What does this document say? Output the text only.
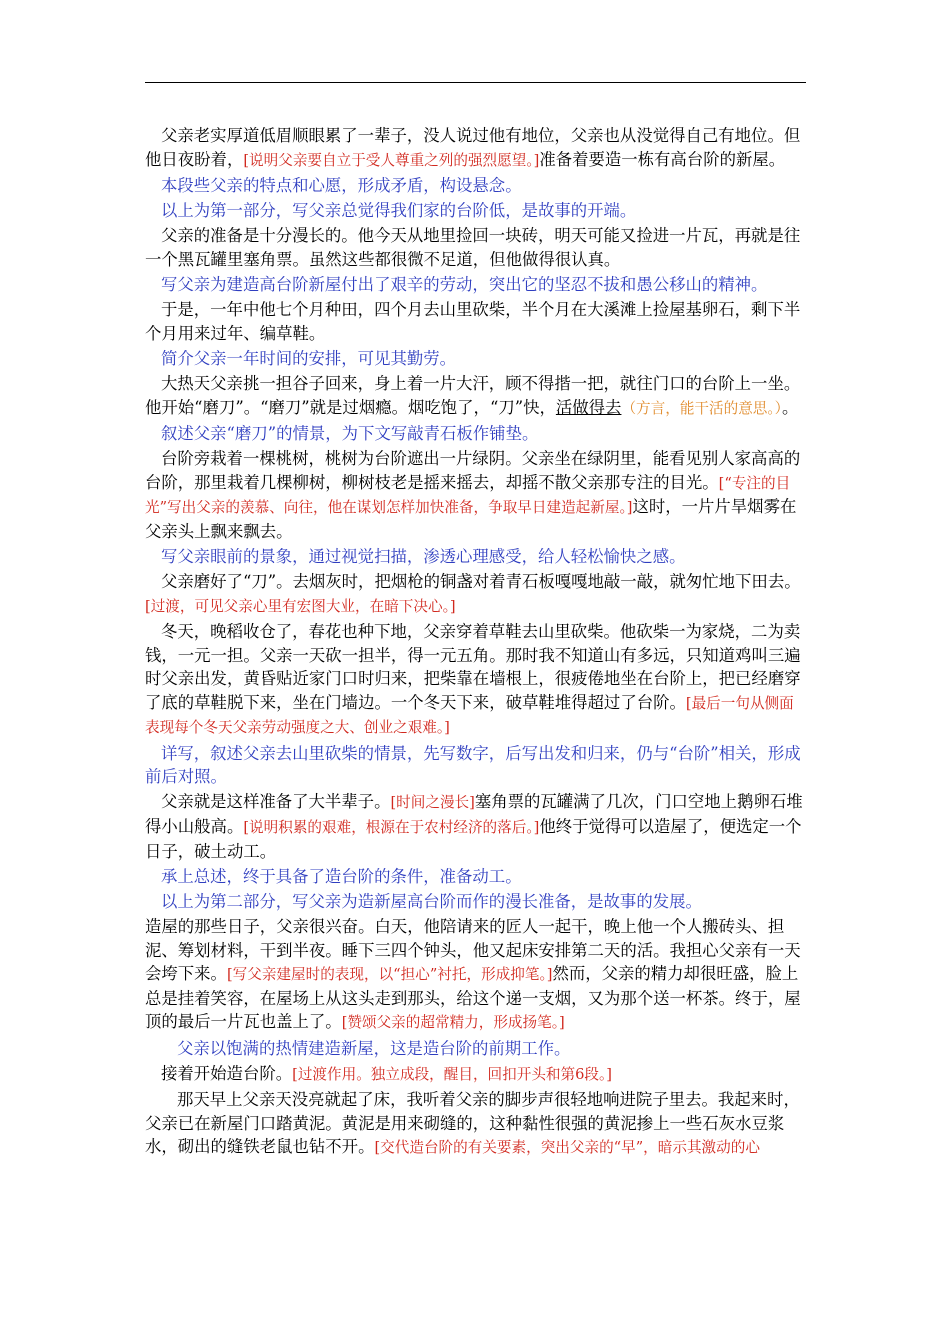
父亲老实厚道低眉顺眼累了一辈子，没人说过他有地位，父亲也从没觉得自己有地位。但他日夜盼着，[说明父亲要自立于受人尊重之列的强烈愿望。]准备着要造一栋有高台阶的新屋。

本段些父亲的特点和心愿，形成矛盾，构设悬念。

以上为第一部分，写父亲总觉得我们家的台阶低，是故事的开端。

父亲的准备是十分漫长的。他今天从地里捡回一块砖，明天可能又捡进一片瓦，再就是往一个黑瓦罐里塞角票。虽然这些都很微不足道，但他做得很认真。

写父亲为建造高台阶新屋付出了艰辛的劳动，突出它的坚忍不拔和愚公移山的精神。

于是，一年中他七个月种田，四个月去山里砍柴，半个月在大溪滩上捡屋基卵石，剩下半个月用来过年、编草鞋。

简介父亲一年时间的安排，可见其勤劳。

大热天父亲挑一担谷子回来，身上着一片大汗，顾不得揩一把，就往门口的台阶上一坐。他开始“磨刀”。“磨刀”就是过烟瘾。烟吃饱了，“刀”快，活做得去（方言，能干活的意思。）。

叙述父亲“磨刀”的情景，为下文写敲青石板作铺垫。

台阶旁栽着一棵桃树，桃树为台阶遮出一片绿阴。父亲坐在绿阴里，能看见别人家高高的台阶，那里栽着几棵柳树，柳树枝老是摇来摇去，却摇不散父亲那专注的目光。[“专注的目光”写出父亲的羡慕、向往，他在谋划怎样加快准备，争取早日建造起新屋。]这时，一片片旱烟雾在父亲头上飘来飘去。

写父亲眼前的景象，通过视觉扫描，渗透心理感受，给人轻松愉快之感。

父亲磨好了“刀”。去烟灰时，把烟枪的铜盏对着青石板嘎嘎地敲一敲，就匆忙地下田去。[过渡，可见父亲心里有宏图大业，在暗下决心。]

冬天，晚稻收仓了，春花也种下地，父亲穿着草鞋去山里砍柴。他砍柴一为家烧，二为卖钱，一元一担。父亲一天砍一担半，得一元五角。那时我不知道山有多远，只知道鸡叫三遍时父亲出发，黄昏贴近家门口时归来，把柴靠在墙根上，很疲倦地坐在台阶上，把已经磨穿了底的草鞋脱下来，坐在门墙边。一个冬天下来，破草鞋堆得超过了台阶。[最后一句从侧面表现每个冬天父亲劳动强度之大、创业之艰难。]

详写，叙述父亲去山里砍柴的情景，先写数字，后写出发和归来，仍与“台阶”相关，形成前后对照。

父亲就是这样准备了大半辈子。[时间之漫长]塞角票的瓦罐满了几次，门口空地上鹅卵石堆得小山般高。[说明积累的艰难，根源在于农村经济的落后。]他终于觉得可以造屋了，便选定一个日子，破土动工。

承上总述，终于具备了造台阶的条件，准备动工。

以上为第二部分，写父亲为造新屋高台阶而作的漫长准备，是故事的发展。

造屋的那些日子，父亲很兴奋。白天，他陪请来的匠人一起干，晚上他一个人搬砖头、担泥、筹划材料，干到半夜。睡下三四个钟头，他又起床安排第二天的活。我担心父亲有一天会垮下来。[写父亲建屋时的表现，以“担心”衬托，形成抑笔。]然而，父亲的精力却很旺盛，脸上总是挂着笑容，在屋场上从这头走到那头，给这个递一支烟，又为那个送一杯茶。终于，屋顶的最后一片瓦也盖上了。[赞颂父亲的超常精力，形成扬笔。]

父亲以饱满的热情建造新屋，这是造台阶的前期工作。

接着开始造台阶。[过渡作用。独立成段，醒目，回扣开头和第6段。]

那天早上父亲天没亮就起了床，我听着父亲的脚步声很轻地响进院子里去。我起来时，父亲已在新屋门口踏黄泥。黄泥是用来砌缝的，这种黏性很强的黄泥掺上一些石灰水豆浆水，砌出的缝铁老鼠也钻不开。[交代造台阶的有关要素，突出父亲的“早”，暗示其激动的心
